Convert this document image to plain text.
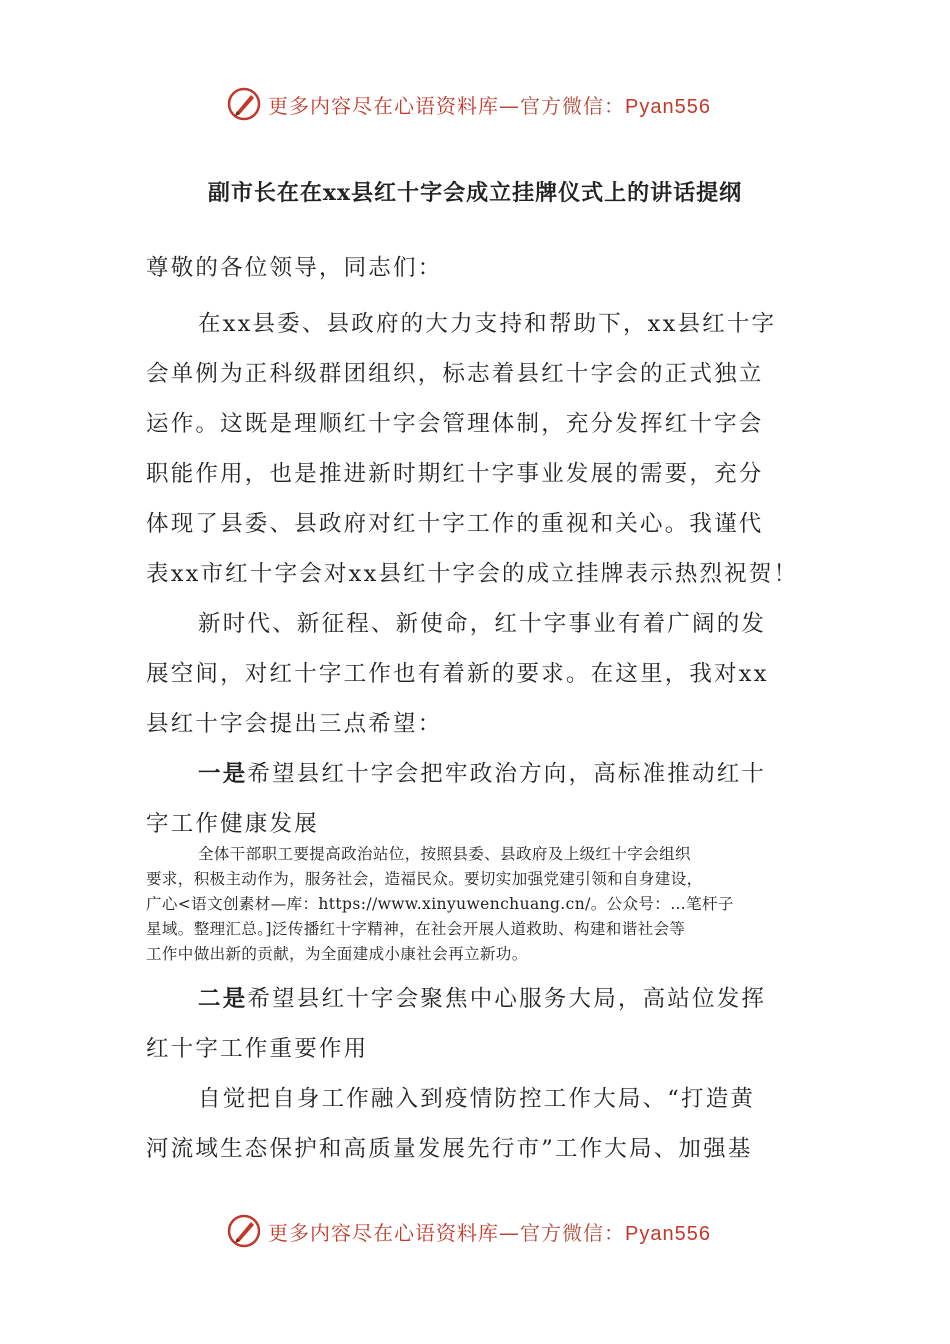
更多内容尽在心语资料库—官方微信：Pyan556
副市长在在xx县红十字会成立挂牌仪式上的讲话提纲
尊敬的各位领导，同志们：
在xx县委、县政府的大力支持和帮助下，xx县红十字
会单例为正科级群团组织，标志着县红十字会的正式独立
运作。这既是理顺红十字会管理体制，充分发挥红十字会
职能作用，也是推进新时期红十字事业发展的需要，充分
体现了县委、县政府对红十字工作的重视和关心。我谨代
表xx市红十字会对xx县红十字会的成立挂牌表示热烈祝贺！
新时代、新征程、新使命，红十字事业有着广阔的发
展空间，对红十字工作也有着新的要求。在这里，我对xx
县红十字会提出三点希望：
一是希望县红十字会把牢政治方向，高标准推动红十
字工作健康发展
二是希望县红十字会聚焦中心服务大局，高站位发挥
红十字工作重要作用
自觉把自身工作融入到疫情防控工作大局、“打造黄
河流域生态保护和高质量发展先行市”工作大局、加强基
全体干部职工要提高政治站位，按照县委、县政府及上级红十字会组织
要求，积极主动作为，服务社会，造福民众。要切实加强党建引领和自身建设，
广心<语文创素材—库：https://www.xinyuwenchuang.cn/。公众号：…笔杆子
星域。整理汇总。]泛传播红十字精神，在社会开展人道救助、构建和谐社会等
工作中做出新的贡献，为全面建成小康社会再立新功。
更多内容尽在心语资料库—官方微信：Pyan556
